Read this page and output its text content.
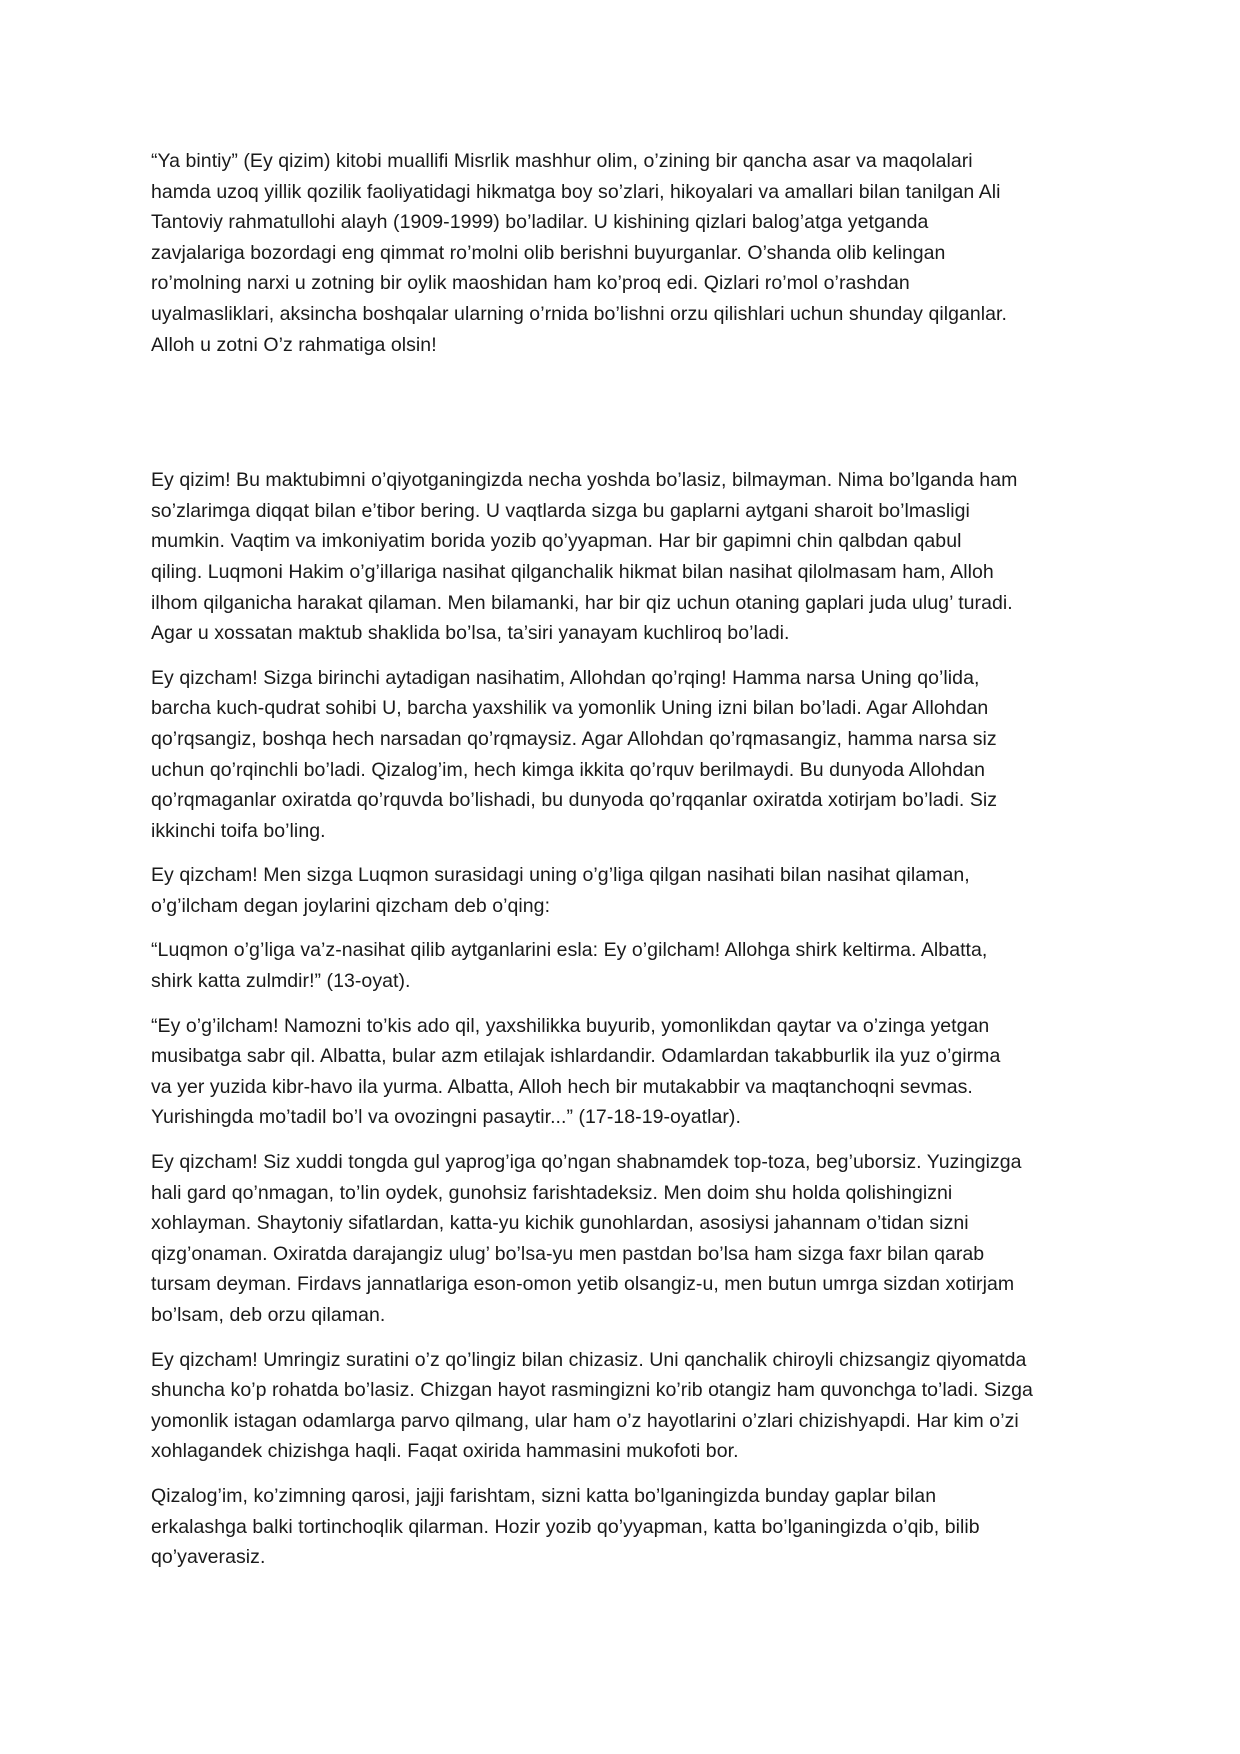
“Ya bintiy” (Ey qizim) kitobi muallifi Misrlik mashhur olim, o’zining bir qancha asar va maqolalari
hamda uzoq yillik qozilik faoliyatidagi hikmatga boy so’zlari, hikoyalari va amallari bilan tanilgan Ali
Tantoviy rahmatullohi alayh (1909-1999) bo’ladilar. U kishining qizlari balog’atga yetganda
zavjalariga bozordagi eng qimmat ro’molni olib berishni buyurganlar. O’shanda olib kelingan
ro’molning narxi u zotning bir oylik maoshidan ham ko’proq edi. Qizlari ro’mol o’rashdan
uyalmasliklari, aksincha boshqalar ularning o’rnida bo’lishni orzu qilishlari uchun shunday qilganlar.
Alloh u zotni O’z rahmatiga olsin!

Ey qizim! Bu maktubimni o’qiyotganingizda necha yoshda bo’lasiz, bilmayman. Nima bo’lganda ham
so’zlarimga diqqat bilan e’tibor bering. U vaqtlarda sizga bu gaplarni aytgani sharoit bo’lmasligi
mumkin. Vaqtim va imkoniyatim borida yozib qo’yyapman. Har bir gapimni chin qalbdan qabul
qiling. Luqmoni Hakim o’g’illariga nasihat qilganchalik hikmat bilan nasihat qilolmasam ham, Alloh
ilhom qilganicha harakat qilaman. Men bilamanki, har bir qiz uchun otaning gaplari juda ulug’ turadi.
Agar u xossatan maktub shaklida bo’lsa, ta’siri yanayam kuchliroq bo’ladi.

Ey qizcham! Sizga birinchi aytadigan nasihatim, Allohdan qo’rqing! Hamma narsa Uning qo’lida,
barcha kuch-qudrat sohibi U, barcha yaxshilik va yomonlik Uning izni bilan bo’ladi. Agar Allohdan
qo’rqsangiz, boshqa hech narsadan qo’rqmaysiz. Agar Allohdan qo’rqmasangiz, hamma narsa siz
uchun qo’rqinchli bo’ladi. Qizalog’im, hech kimga ikkita qo’rquv berilmaydi. Bu dunyoda Allohdan
qo’rqmaganlar oxiratda qo’rquvda bo’lishadi, bu dunyoda qo’rqqanlar oxiratda xotirjam bo’ladi. Siz
ikkinchi toifa bo’ling.

Ey qizcham! Men sizga Luqmon surasidagi uning o’g’liga qilgan nasihati bilan nasihat qilaman,
o’g’ilcham degan joylarini qizcham deb o’qing:

“Luqmon o’g’liga va’z-nasihat qilib aytganlarini esla: Ey o’gilcham! Allohga shirk keltirma. Albatta,
shirk katta zulmdir!” (13-oyat).

“Ey o’g’ilcham! Namozni to’kis ado qil, yaxshilikka buyurib, yomonlikdan qaytar va o’zinga yetgan
musibatga sabr qil. Albatta, bular azm etilajak ishlardandir. Odamlardan takabburlik ila yuz o’girma
va yer yuzida kibr-havo ila yurma. Albatta, Alloh hech bir mutakabbir va maqtanchoqni sevmas.
Yurishingda mo’tadil bo’l va ovozingni pasaytir...” (17-18-19-oyatlar).

Ey qizcham! Siz xuddi tongda gul yaprog’iga qo’ngan shabnamdek top-toza, beg’uborsiz. Yuzingizga
hali gard qo’nmagan, to’lin oydek, gunohsiz farishtadeksiz. Men doim shu holda qolishingizni
xohlayman. Shaytoniy sifatlardan, katta-yu kichik gunohlardan, asosiysi jahannam o’tidan sizni
qizg’onaman. Oxiratda darajangiz ulug’ bo’lsa-yu men pastdan bo’lsa ham sizga faxr bilan qarab
tursam deyman. Firdavs jannatlariga eson-omon yetib olsangiz-u, men butun umrga sizdan xotirjam
bo’lsam, deb orzu qilaman.

Ey qizcham! Umringiz suratini o’z qo’lingiz bilan chizasiz. Uni qanchalik chiroyli chizsangiz qiyomatda
shuncha ko’p rohatda bo’lasiz. Chizgan hayot rasmingizni ko’rib otangiz ham quvonchga to’ladi. Sizga
yomonlik istagan odamlarga parvo qilmang, ular ham o’z hayotlarini o’zlari chizishyapdi. Har kim o’zi
xohlagandek chizishga haqli. Faqat oxirida hammasini mukofoti bor.

Qizalog’im, ko’zimning qarosi, jajji farishtam, sizni katta bo’lganingizda bunday gaplar bilan
erkalashga balki tortinchoqlik qilarman. Hozir yozib qo’yyapman, katta bo’lganingizda o’qib, bilib
qo’yaverasiz.
